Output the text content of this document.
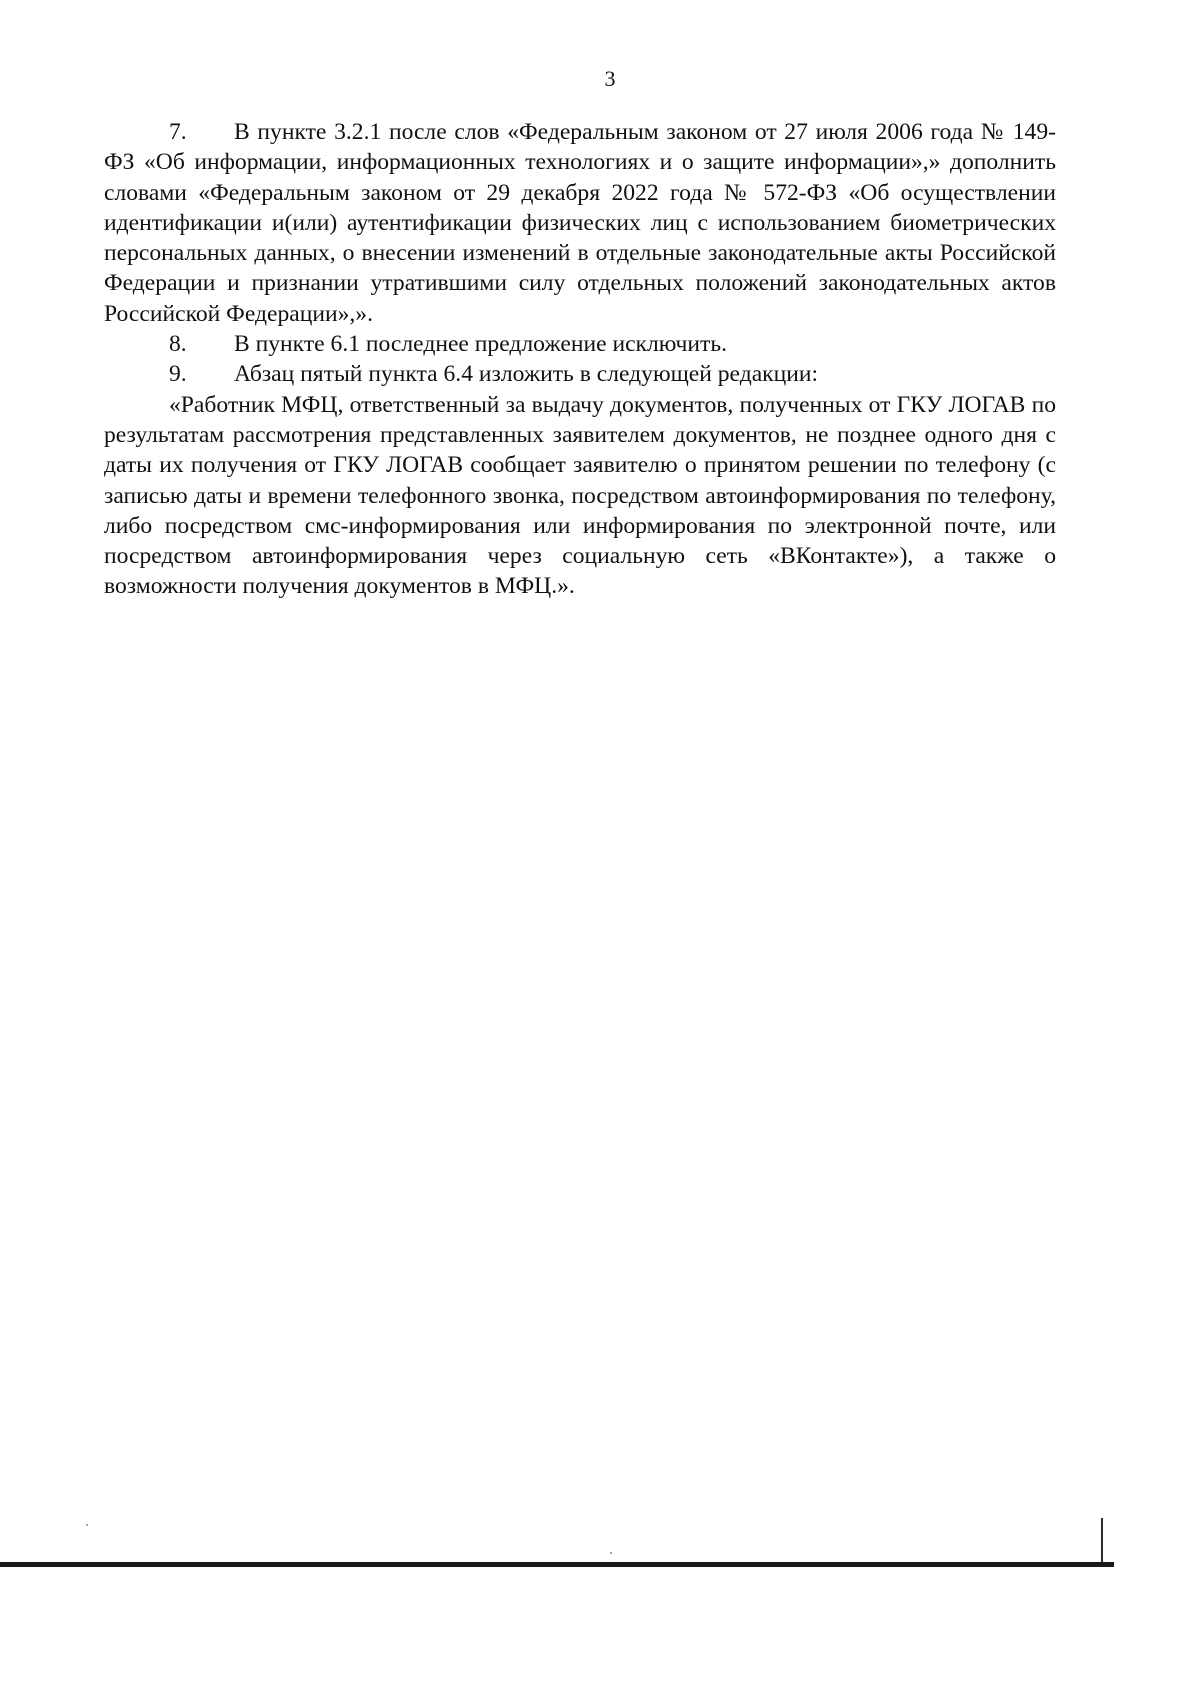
3

7. В пункте 3.2.1 после слов «Федеральным законом от 27 июля 2006 года № 149-ФЗ «Об информации, информационных технологиях и о защите информации»,» дополнить словами «Федеральным законом от 29 декабря 2022 года № 572-ФЗ «Об осуществлении идентификации и(или) аутентификации физических лиц с использованием биометрических персональных данных, о внесении изменений в отдельные законодательные акты Российской Федерации и признании утратившими силу отдельных положений законодательных актов Российской Федерации»,».

8. В пункте 6.1 последнее предложение исключить.

9. Абзац пятый пункта 6.4 изложить в следующей редакции:

«Работник МФЦ, ответственный за выдачу документов, полученных от ГКУ ЛОГАВ по результатам рассмотрения представленных заявителем документов, не позднее одного дня с даты их получения от ГКУ ЛОГАВ сообщает заявителю о принятом решении по телефону (с записью даты и времени телефонного звонка, посредством автоинформирования по телефону, либо посредством смс-информирования или информирования по электронной почте, или посредством автоинформирования через социальную сеть «ВКонтакте»), а также о возможности получения документов в МФЦ.».
